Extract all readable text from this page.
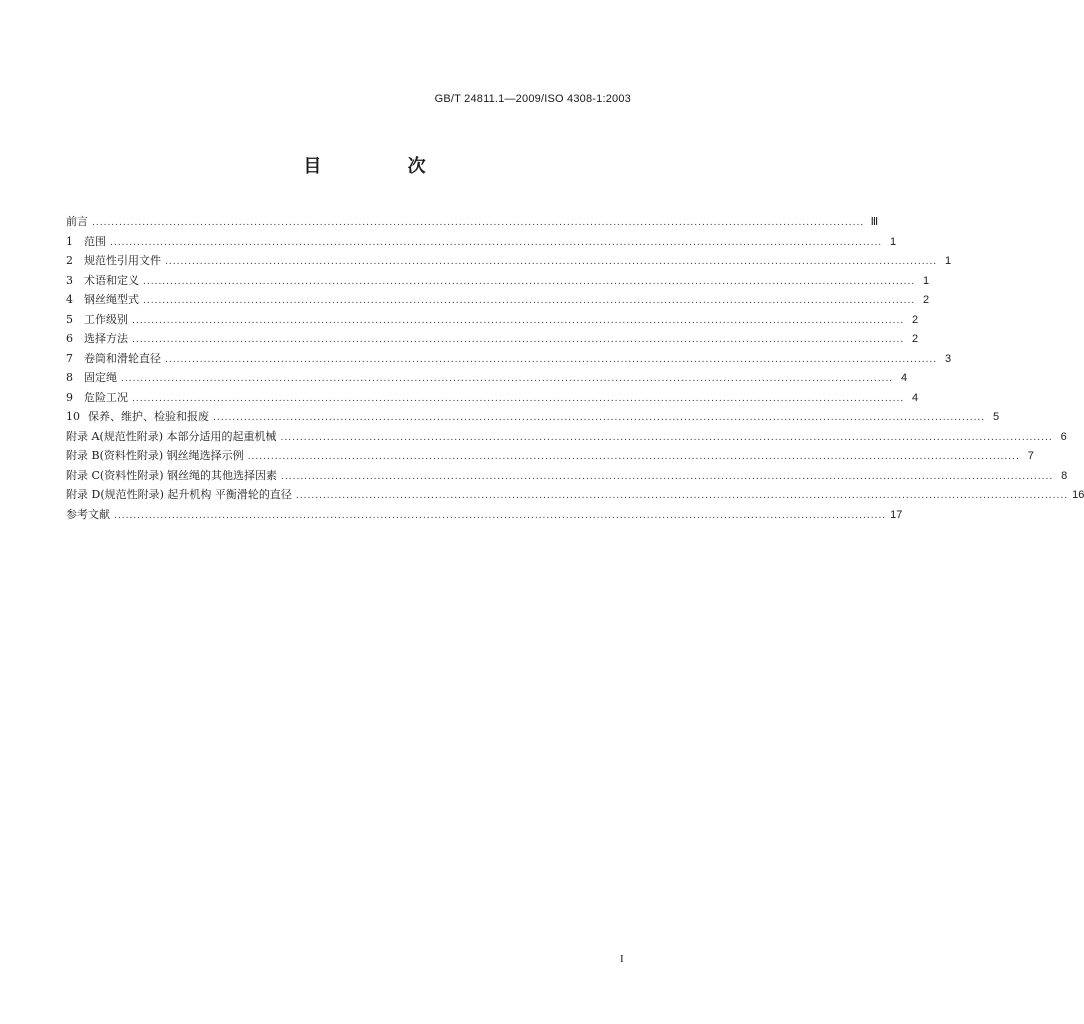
GB/T 24811.1—2009/ISO 4308-1:2003
目 次
前言 ........................................................................................................................................................................................................ Ⅲ
1 范围 ........................................................................................................................................................................................................ 1
2 规范性引用文件 ........................................................................................................................................................................................................ 1
3 术语和定义 ........................................................................................................................................................................................................ 1
4 钢丝绳型式 ........................................................................................................................................................................................................ 2
5 工作级别 ........................................................................................................................................................................................................ 2
6 选择方法 ........................................................................................................................................................................................................ 2
7 卷筒和滑轮直径 ........................................................................................................................................................................................................ 3
8 固定绳 ........................................................................................................................................................................................................ 4
9 危险工况 ........................................................................................................................................................................................................ 4
10 保养、维护、检验和报废 ........................................................................................................................................................................................................ 5
附录 A(规范性附录) 本部分适用的起重机械 ........................................................................................................................................................................................................ 6
附录 B(资料性附录) 钢丝绳选择示例 ........................................................................................................................................................................................................ 7
附录 C(资料性附录) 钢丝绳的其他选择因素 ........................................................................................................................................................................................................ 8
附录 D(规范性附录) 起升机构 平衡滑轮的直径 ........................................................................................................................................................................................................ 16
参考文献 ........................................................................................................................................................................................................ 17
I
